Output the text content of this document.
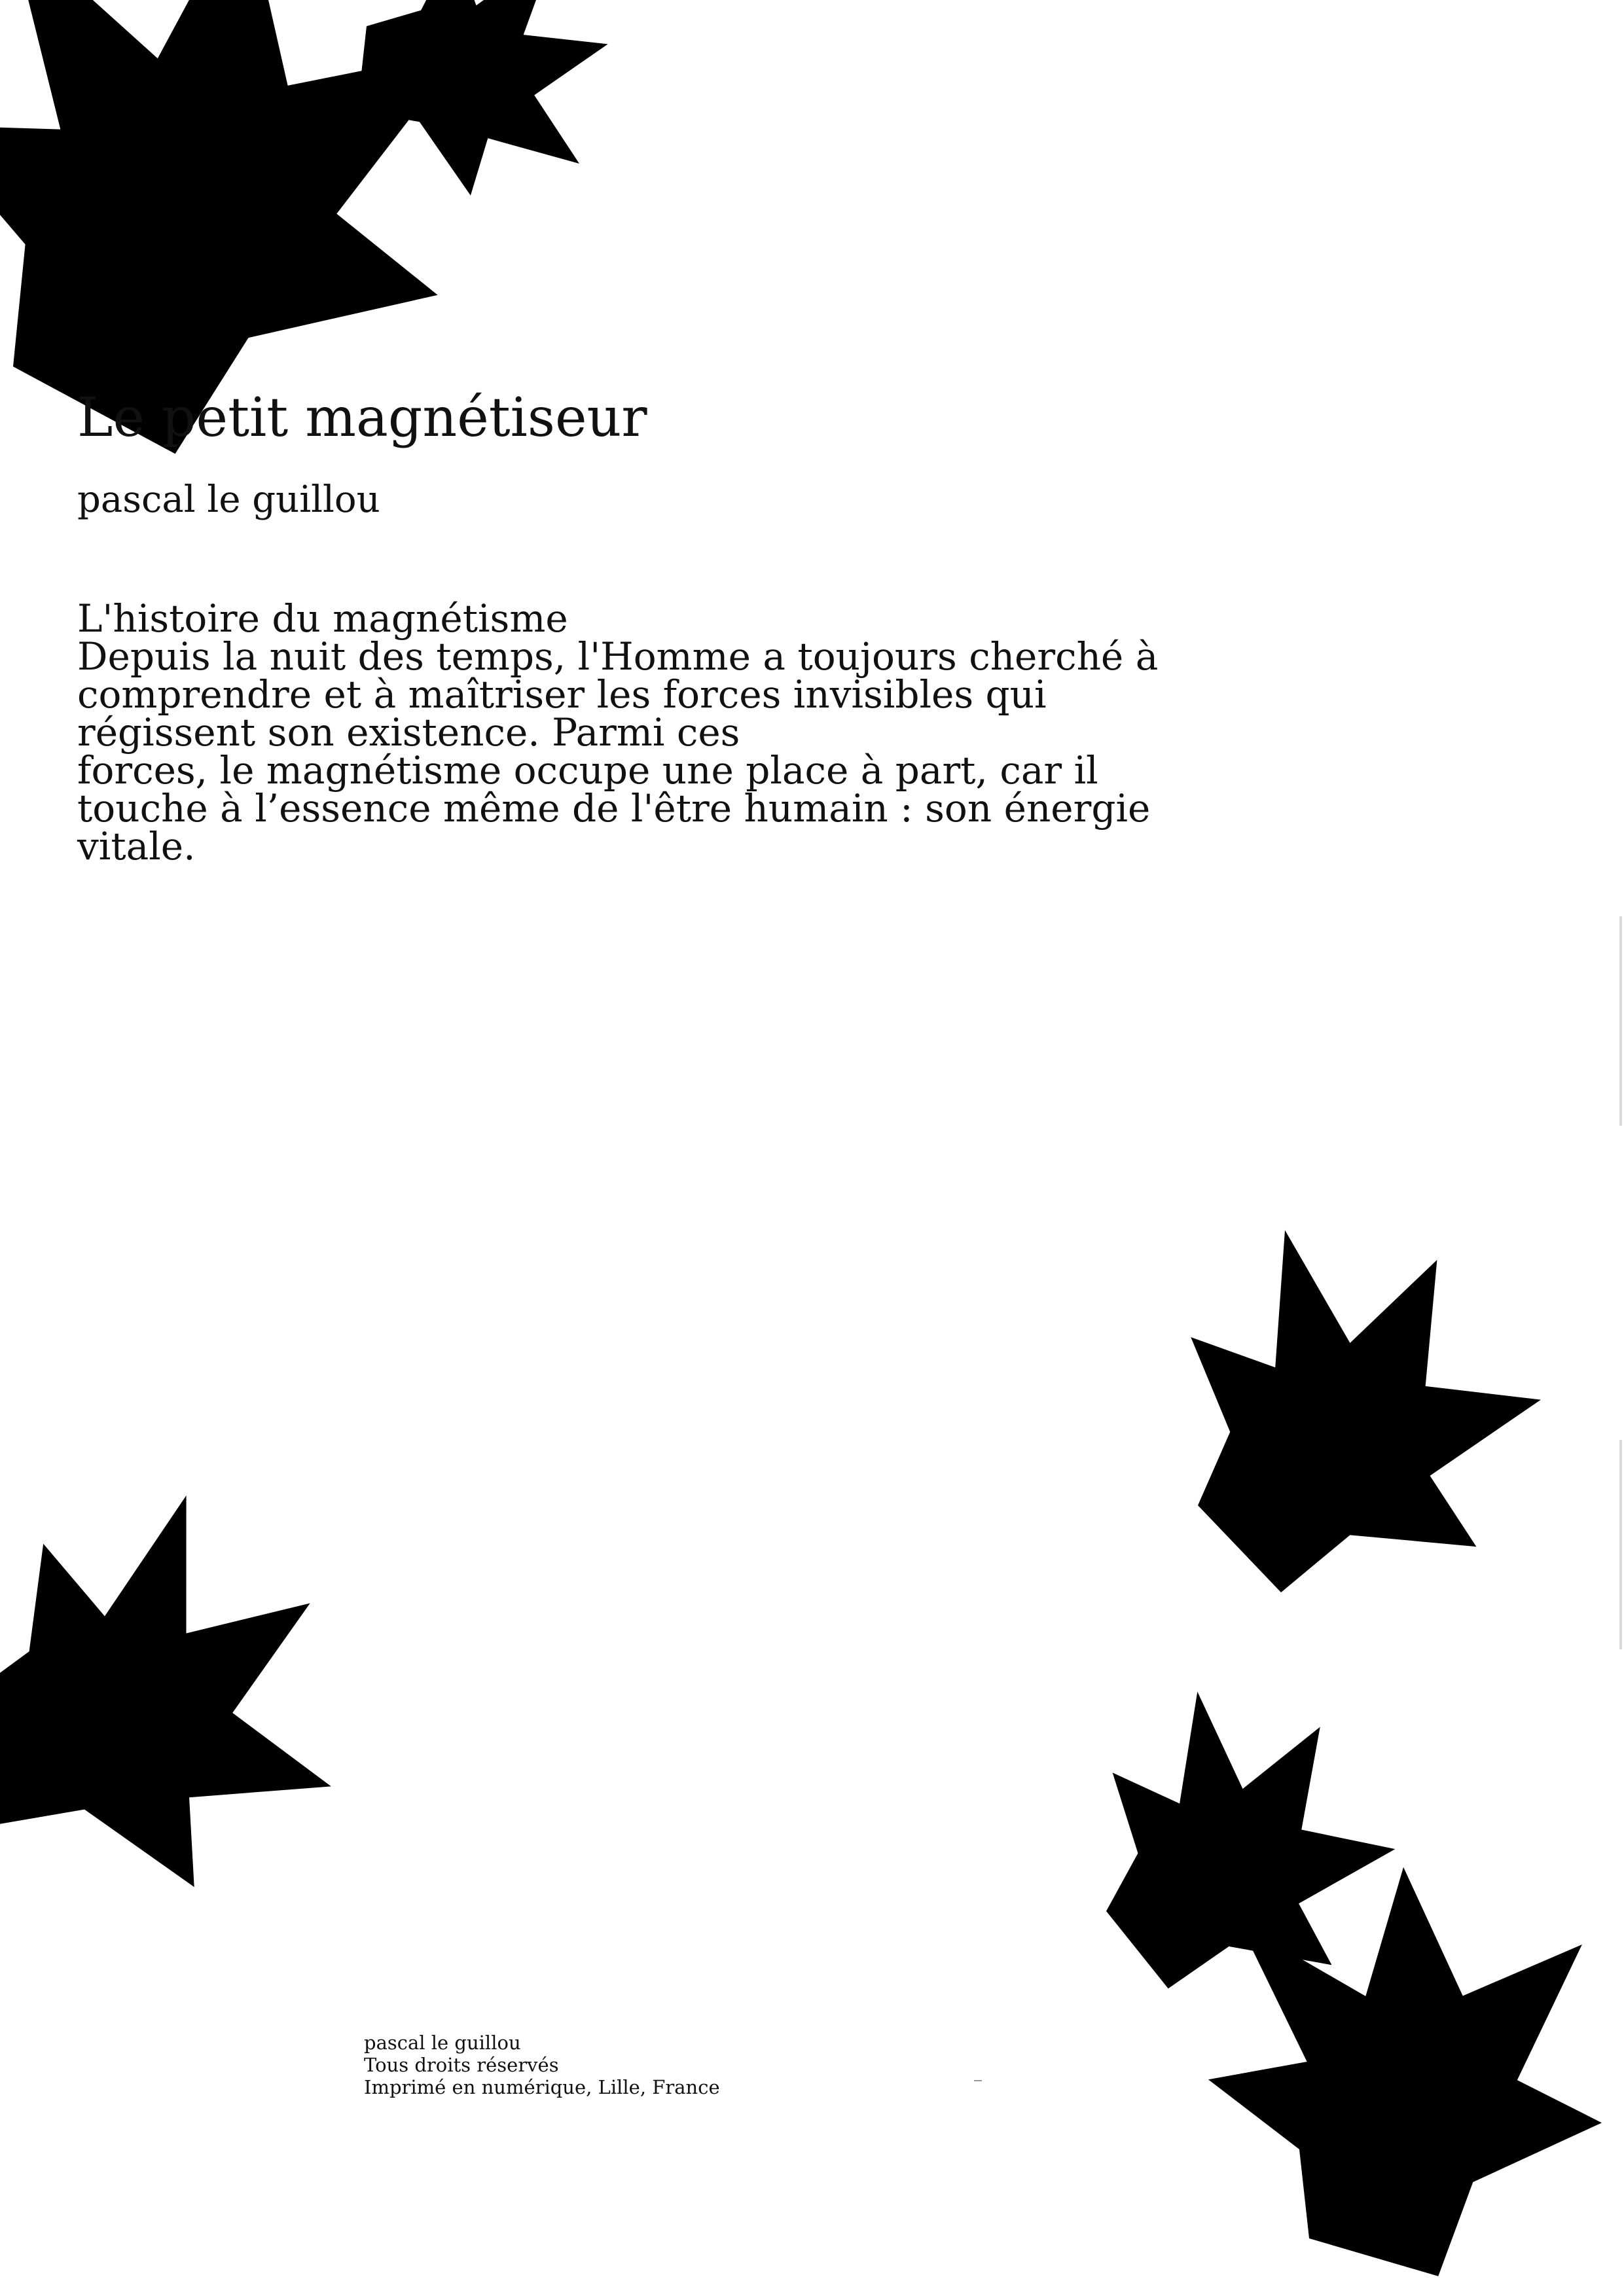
Le petit magnétiseur

pascal le guillou

L'histoire du magnétisme
Depuis la nuit des temps, l'Homme a toujours cherché à
comprendre et à maîtriser les forces invisibles qui
régissent son existence. Parmi ces
forces, le magnétisme occupe une place à part, car il
touche à l’essence même de l'être humain : son énergie
vitale.
pascal le guillou
Tous droits réservés
Imprimé en numérique, Lille, France
